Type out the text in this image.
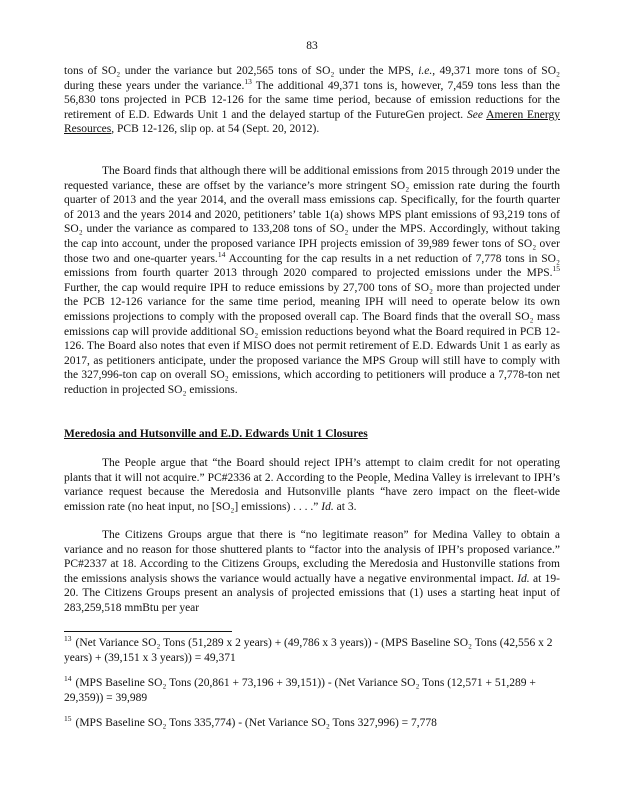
83

tons of SO₂ under the variance but 202,565 tons of SO₂ under the MPS, i.e., 49,371 more tons of SO₂ during these years under the variance.$^{13}$ The additional 49,371 tons is, however, 7,459 tons less than the 56,830 tons projected in PCB 12-126 for the same time period, because of emission reductions for the retirement of E.D. Edwards Unit 1 and the delayed startup of the FutureGen project. See Ameren Energy Resources, PCB 12-126, slip op. at 54 (Sept. 20, 2012).

The Board finds that although there will be additional emissions from 2015 through 2019 under the requested variance, these are offset by the variance’s more stringent SO₂ emission rate during the fourth quarter of 2013 and the year 2014, and the overall mass emissions cap. Specifically, for the fourth quarter of 2013 and the years 2014 and 2020, petitioners’ table 1(a) shows MPS plant emissions of 93,219 tons of SO₂ under the variance as compared to 133,208 tons of SO₂ under the MPS. Accordingly, without taking the cap into account, under the proposed variance IPH projects emission of 39,989 fewer tons of SO₂ over those two and one-quarter years.$^{14}$ Accounting for the cap results in a net reduction of 7,778 tons in SO₂ emissions from fourth quarter 2013 through 2020 compared to projected emissions under the MPS.$^{15}$ Further, the cap would require IPH to reduce emissions by 27,700 tons of SO₂ more than projected under the PCB 12-126 variance for the same time period, meaning IPH will need to operate below its own emissions projections to comply with the proposed overall cap. The Board finds that the overall SO₂ mass emissions cap will provide additional SO₂ emission reductions beyond what the Board required in PCB 12-126. The Board also notes that even if MISO does not permit retirement of E.D. Edwards Unit 1 as early as 2017, as petitioners anticipate, under the proposed variance the MPS Group will still have to comply with the 327,996-ton cap on overall SO₂ emissions, which according to petitioners will produce a 7,778-ton net reduction in projected SO₂ emissions.

Meredosia and Hutsonville and E.D. Edwards Unit 1 Closures

The People argue that “the Board should reject IPH’s attempt to claim credit for not operating plants that it will not acquire.” PC#2336 at 2. According to the People, Medina Valley is irrelevant to IPH’s variance request because the Meredosia and Hutsonville plants “have zero impact on the fleet-wide emission rate (no heat input, no [SO₂] emissions) . . . .” Id. at 3.

The Citizens Groups argue that there is “no legitimate reason” for Medina Valley to obtain a variance and no reason for those shuttered plants to “factor into the analysis of IPH’s proposed variance.” PC#2337 at 18. According to the Citizens Groups, excluding the Meredosia and Hustonville stations from the emissions analysis shows the variance would actually have a negative environmental impact. Id. at 19-20. The Citizens Groups present an analysis of projected emissions that (1) uses a starting heat input of 283,259,518 mmBtu per year

$^{13}$ (Net Variance SO₂ Tons (51,289 x 2 years) + (49,786 x 3 years)) - (MPS Baseline SO₂ Tons (42,556 x 2 years) + (39,151 x 3 years)) = 49,371

$^{14}$ (MPS Baseline SO₂ Tons (20,861 + 73,196 + 39,151)) - (Net Variance SO₂ Tons (12,571 + 51,289 + 29,359)) = 39,989

$^{15}$ (MPS Baseline SO₂ Tons 335,774) - (Net Variance SO₂ Tons 327,996) = 7,778
